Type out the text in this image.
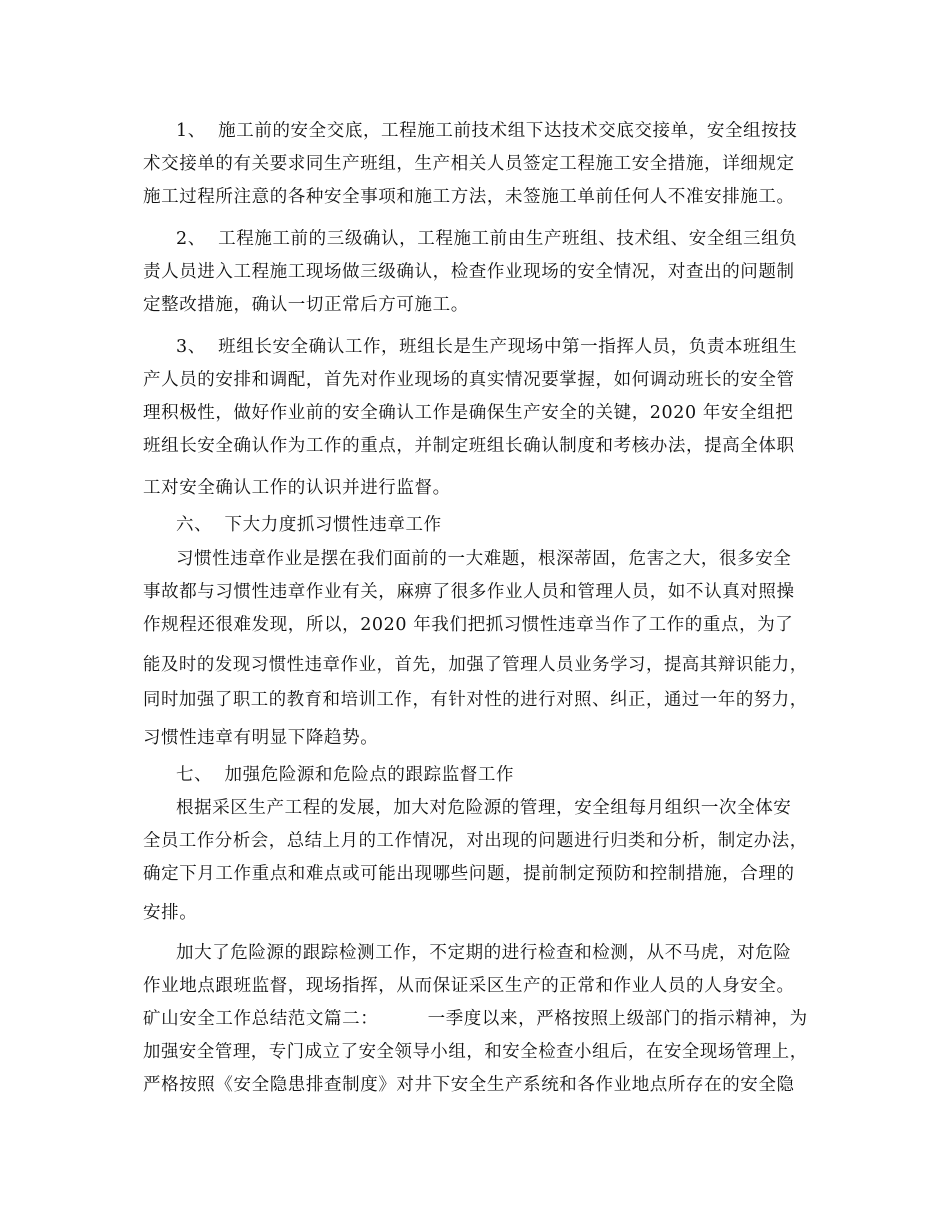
1、  施工前的安全交底，工程施工前技术组下达技术交底交接单，安全组按技
术交接单的有关要求同生产班组，生产相关人员签定工程施工安全措施，详细规定
施工过程所注意的各种安全事项和施工方法，未签施工单前任何人不准安排施工。
2、  工程施工前的三级确认，工程施工前由生产班组、技术组、安全组三组负
责人员进入工程施工现场做三级确认，检查作业现场的安全情况，对查出的问题制
定整改措施，确认一切正常后方可施工。
3、  班组长安全确认工作，班组长是生产现场中第一指挥人员，负责本班组生
产人员的安排和调配，首先对作业现场的真实情况要掌握，如何调动班长的安全管
理积极性，做好作业前的安全确认工作是确保生产安全的关键，2020 年安全组把
班组长安全确认作为工作的重点，并制定班组长确认制度和考核办法，提高全体职
工对安全确认工作的认识并进行监督。
六、  下大力度抓习惯性违章工作
习惯性违章作业是摆在我们面前的一大难题，根深蒂固，危害之大，很多安全
事故都与习惯性违章作业有关，麻痹了很多作业人员和管理人员，如不认真对照操
作规程还很难发现，所以，2020 年我们把抓习惯性违章当作了工作的重点，为了
能及时的发现习惯性违章作业，首先，加强了管理人员业务学习，提高其辩识能力，
同时加强了职工的教育和培训工作，有针对性的进行对照、纠正，通过一年的努力，
习惯性违章有明显下降趋势。
七、  加强危险源和危险点的跟踪监督工作
根据采区生产工程的发展，加大对危险源的管理，安全组每月组织一次全体安
全员工作分析会，总结上月的工作情况，对出现的问题进行归类和分析，制定办法，
确定下月工作重点和难点或可能出现哪些问题，提前制定预防和控制措施，合理的
安排。
加大了危险源的跟踪检测工作，不定期的进行检查和检测，从不马虎，对危险
作业地点跟班监督，现场指挥，从而保证采区生产的正常和作业人员的人身安全。
矿山安全工作总结范文篇二：        一季度以来，严格按照上级部门的指示精神，为
加强安全管理，专门成立了安全领导小组，和安全检查小组后，在安全现场管理上，
严格按照《安全隐患排查制度》对井下安全生产系统和各作业地点所存在的安全隐
